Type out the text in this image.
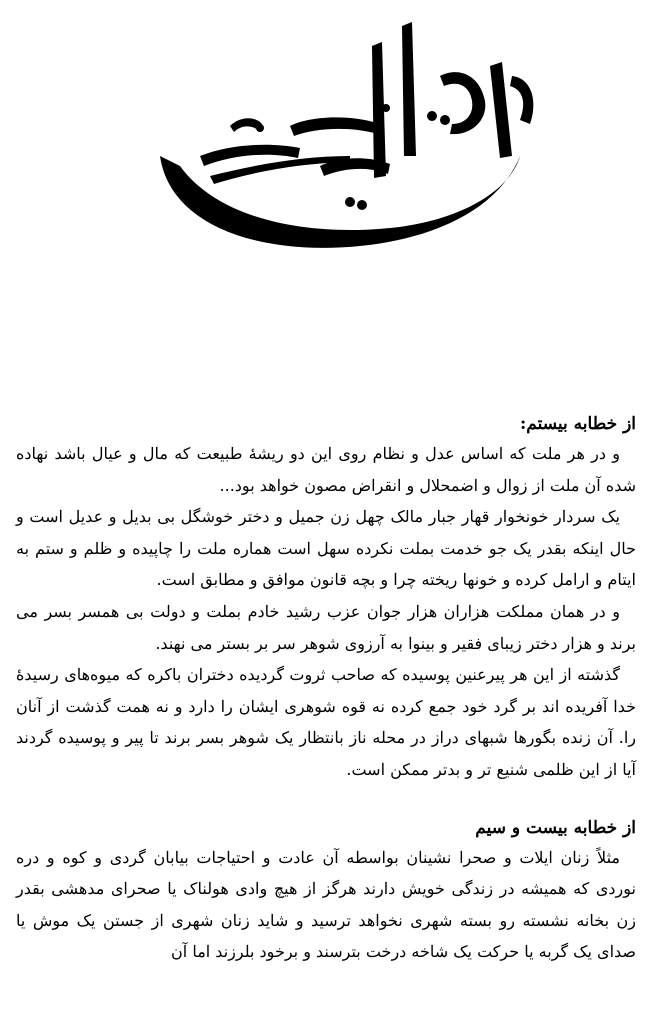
از خطابه بیستم:

و در هر ملت که اساس عدل و نظام روی این دو ریشهٔ طبیعت که مال و عیال باشد نهاده شده آن ملت از زوال و اضمحلال و انقراض مصون خواهد بود...

یک سردار خونخوار قهار جبار مالک چهل زن جمیل و دختر خوشگل بی بدیل و عدیل است و حال اینکه بقدر یک جو خدمت بملت نکرده سهل است هماره ملت را چاپیده و ظلم و ستم به ایتام و ارامل کرده و خونها ریخته چرا و بچه قانون موافق و مطابق است.

و در همان مملکت هزاران هزار جوان عزب رشید خادم بملت و دولت بی همسر بسر می برند و هزار دختر زیبای فقیر و بینوا به آرزوی شوهر سر بر بستر می نهند.

گذشته از این هر پیرعنین پوسیده که صاحب ثروت گردیده دختران باکره که میوه‌های رسیدهٔ خدا آفریده اند بر گرد خود جمع کرده نه قوه شوهری ایشان را دارد و نه همت گذشت از آنان را. آن زنده بگورها شبهای دراز در محله ناز بانتظار یک شوهر بسر برند تا پیر و پوسیده گردند آیا از این ظلمی شنیع تر و بدتر ممکن است.

از خطابه بیست و سیم

مثلاً زنان ایلات و صحرا نشینان بواسطه آن عادت و احتیاجات بیابان گردی و کوه و دره نوردی که همیشه در زندگی خویش دارند هرگز از هیچ وادی هولناک یا صحرای مدهشی بقدر زن بخانه نشسته رو بسته شهری نخواهد ترسید و شاید زنان شهری از جستن یک موش یا صدای یک گربه یا حرکت یک شاخه درخت بترسند و برخود بلرزند اما آن
